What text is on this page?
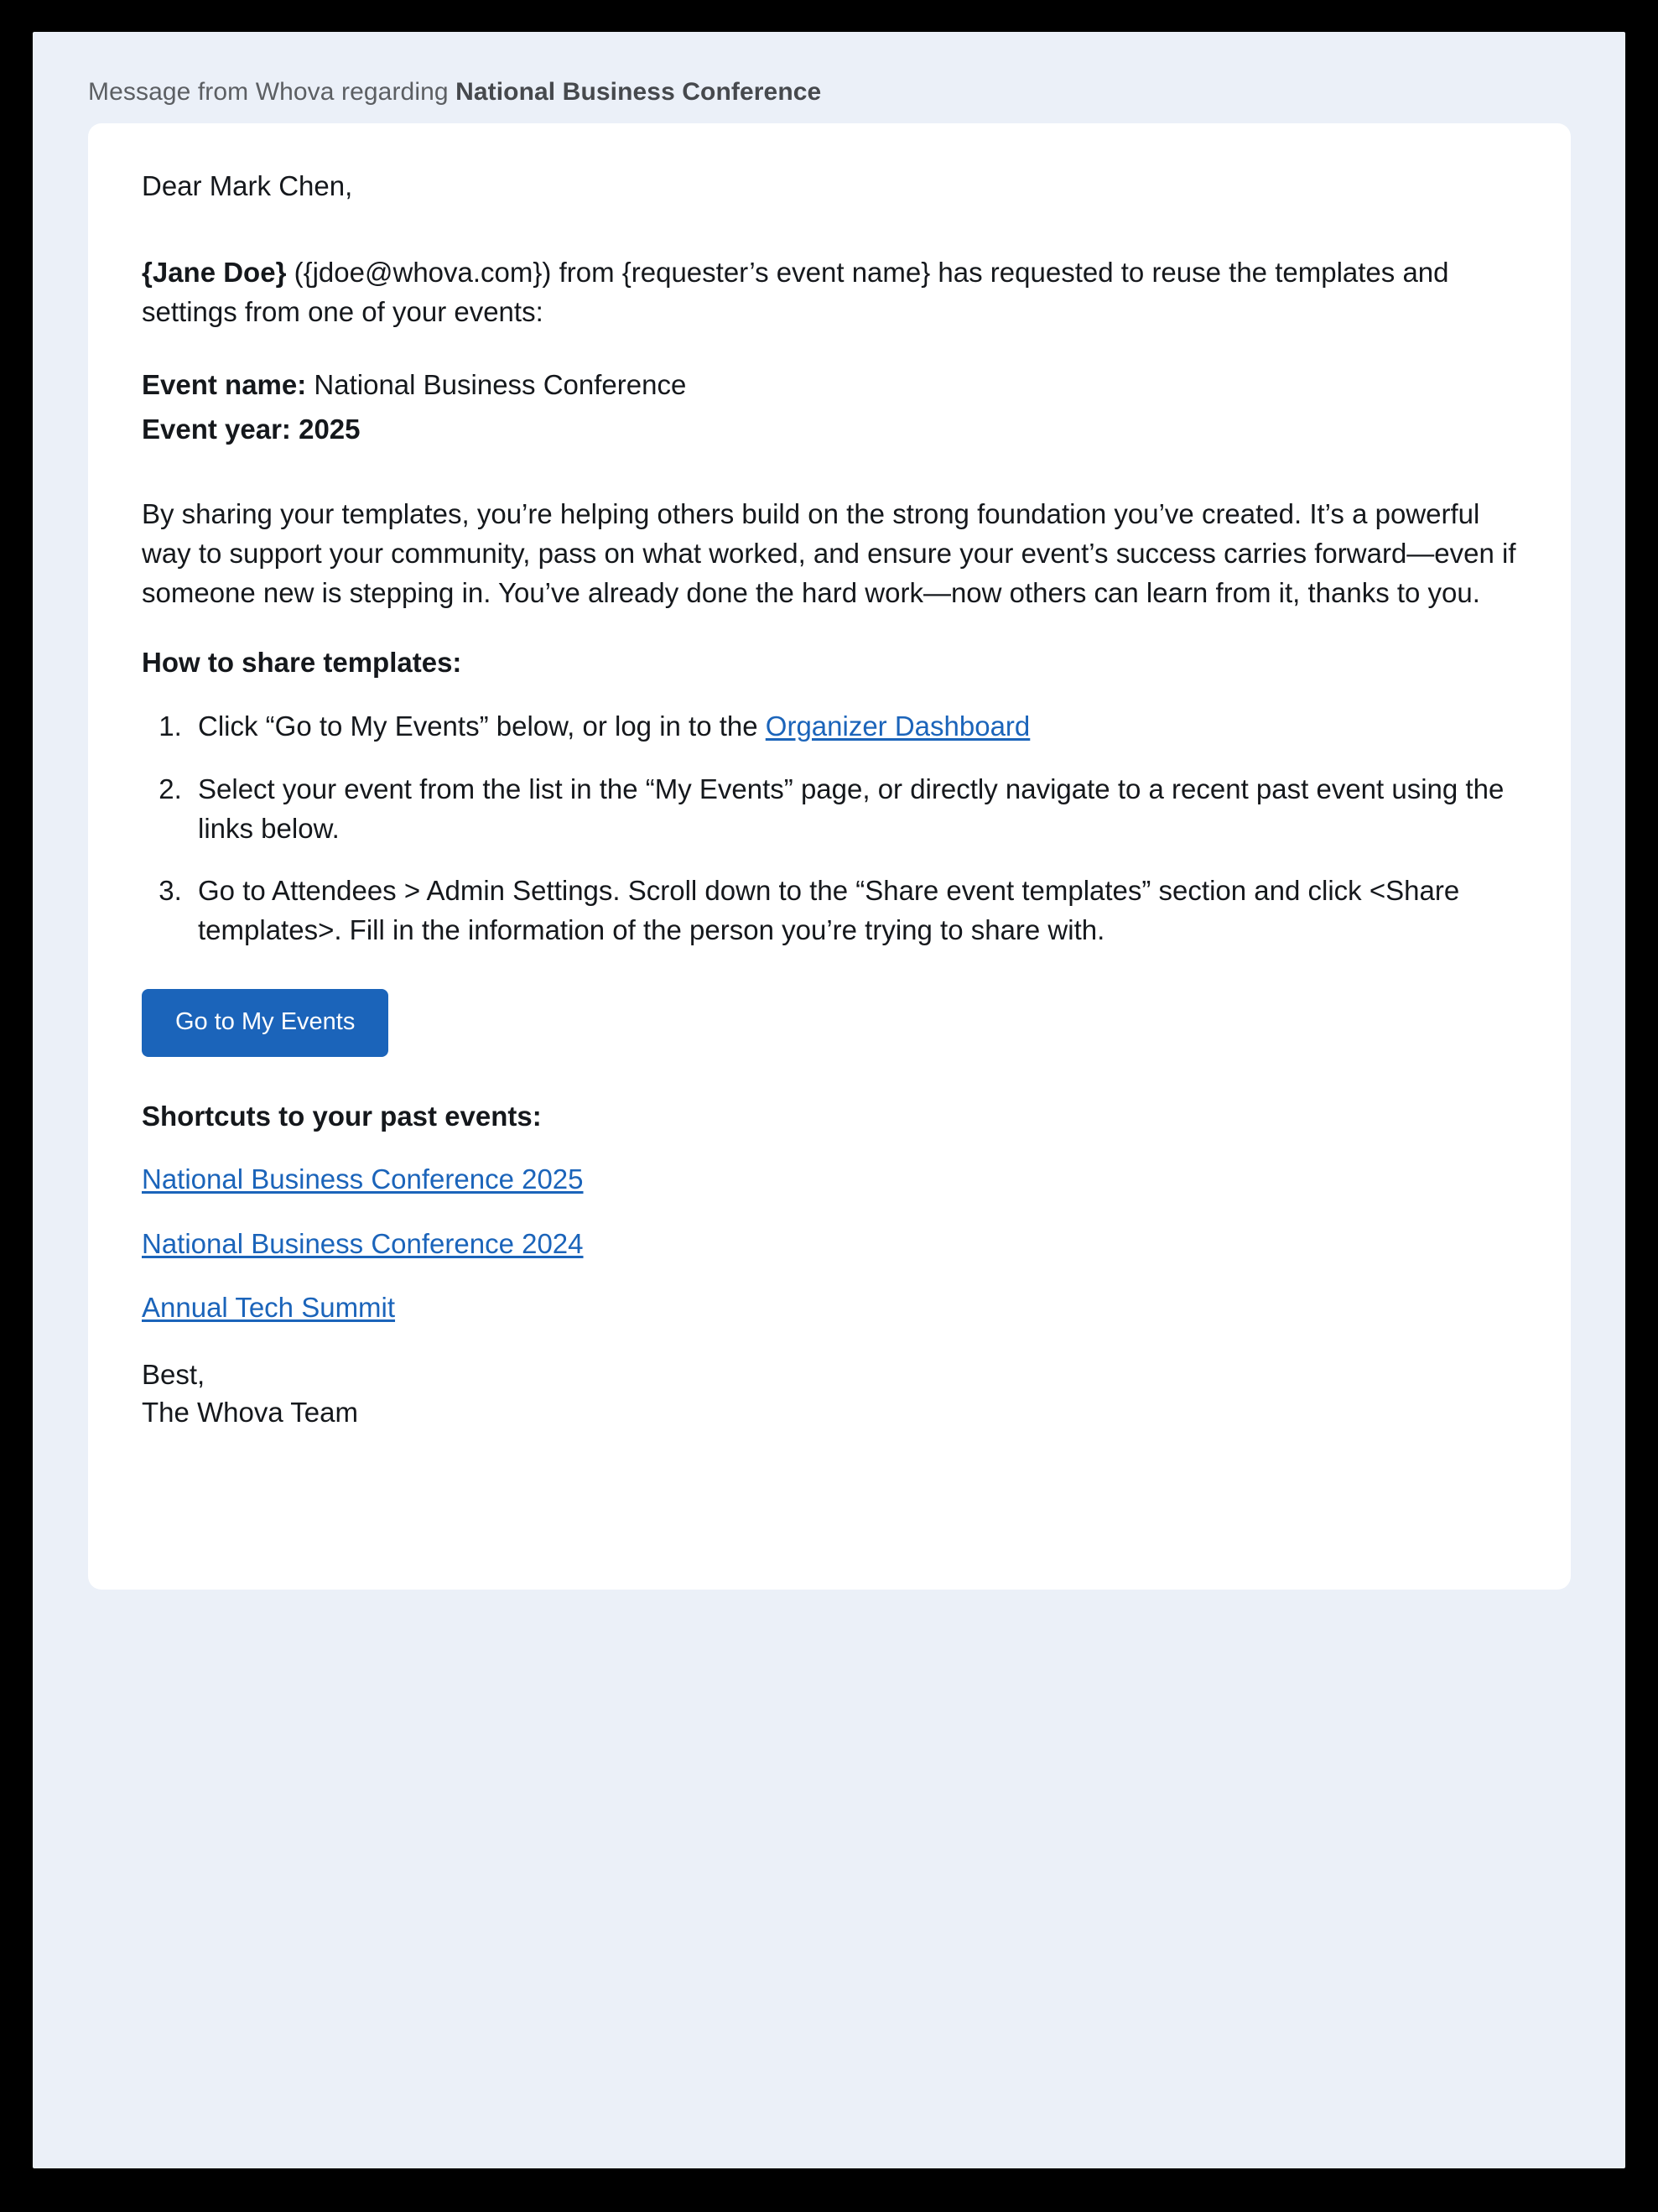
Message from Whova regarding National Business Conference
Dear Mark Chen,
{Jane Doe} ({jdoe@whova.com}) from {requester’s event name} has requested to reuse the templates and settings from one of your events:
Event name: National Business Conference
Event year: 2025
By sharing your templates, you’re helping others build on the strong foundation you’ve created. It’s a powerful way to support your community, pass on what worked, and ensure your event’s success carries forward—even if someone new is stepping in. You’ve already done the hard work—now others can learn from it, thanks to you.
How to share templates:
1. Click “Go to My Events” below, or log in to the Organizer Dashboard
2. Select your event from the list in the “My Events” page, or directly navigate to a recent past event using the links below.
3. Go to Attendees > Admin Settings. Scroll down to the “Share event templates” section and click <Share templates>. Fill in the information of the person you’re trying to share with.
Go to My Events
Shortcuts to your past events:
National Business Conference 2025
National Business Conference 2024
Annual Tech Summit
Best,
The Whova Team
